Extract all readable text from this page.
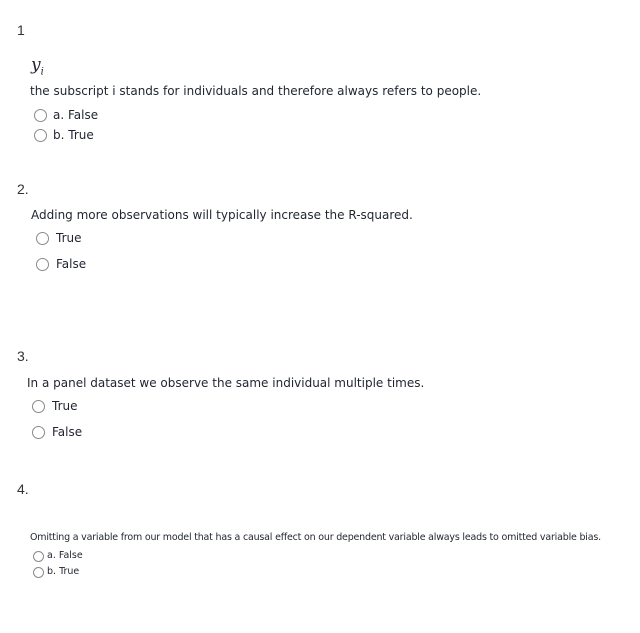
1
$y_i$
the subscript i stands for individuals and therefore always refers to people.
a. False
b. True
2.
Adding more observations will typically increase the R-squared.
True
False
3.
In a panel dataset we observe the same individual multiple times.
True
False
4.
Omitting a variable from our model that has a causal effect on our dependent variable always leads to omitted variable bias.
a. False
b. True
